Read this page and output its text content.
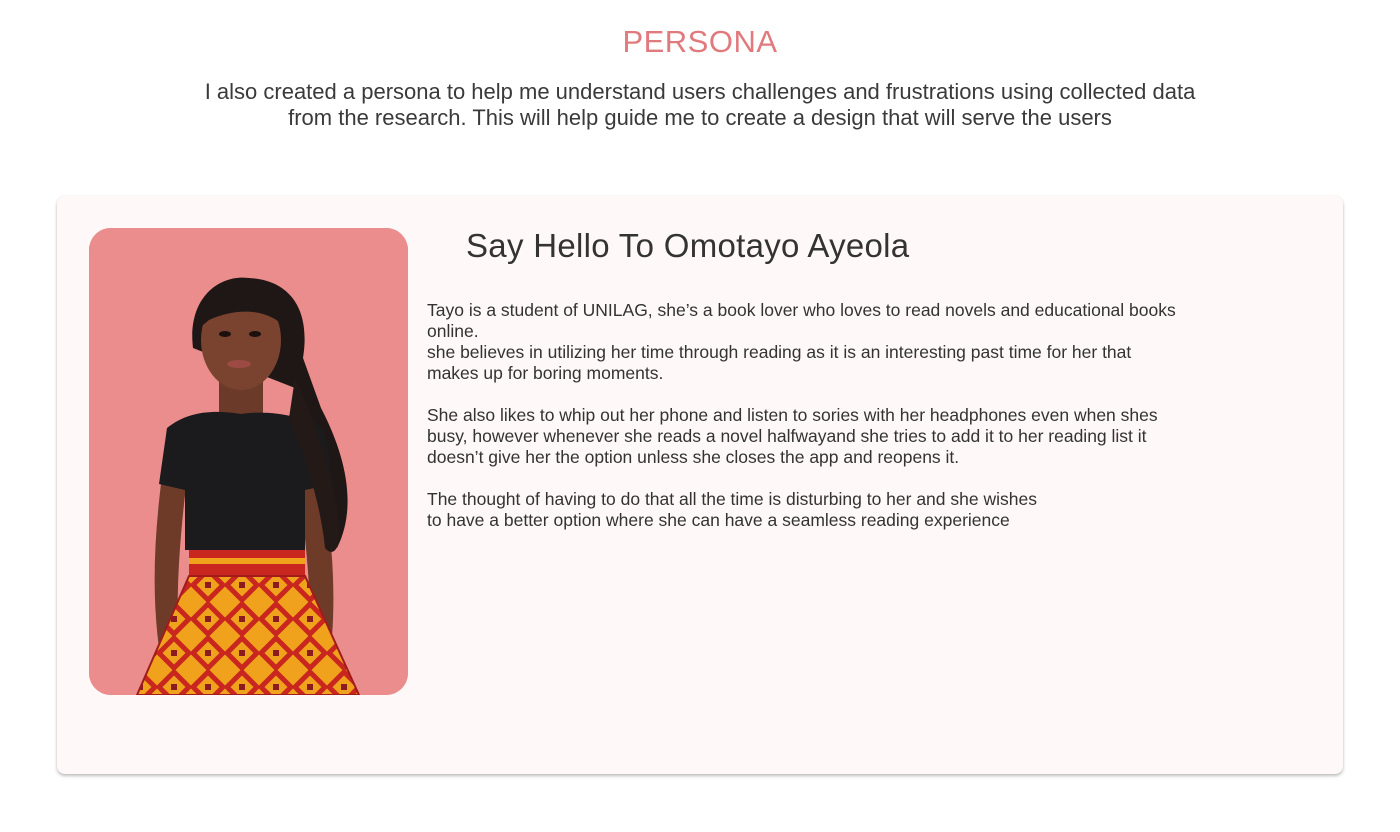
PERSONA
I also created a persona to help me understand users challenges and frustrations using collected data
from the research. This will help guide me to create a design that will serve the users
Say Hello To Omotayo Ayeola

Tayo is a student of UNILAG, she’s a book lover who loves to read novels and educational books
online.
she believes in utilizing her time through reading as it is an interesting past time for her that
makes up for boring moments.

She also likes to whip out her phone and listen to sories with her headphones even when shes
busy, however whenever she reads a novel halfwayand she tries to add it to her reading list it
doesn’t give her the option unless she closes the app and reopens it.

The thought of having to do that all the time is disturbing to her and she wishes
to have a better option where she can have a seamless reading experience
